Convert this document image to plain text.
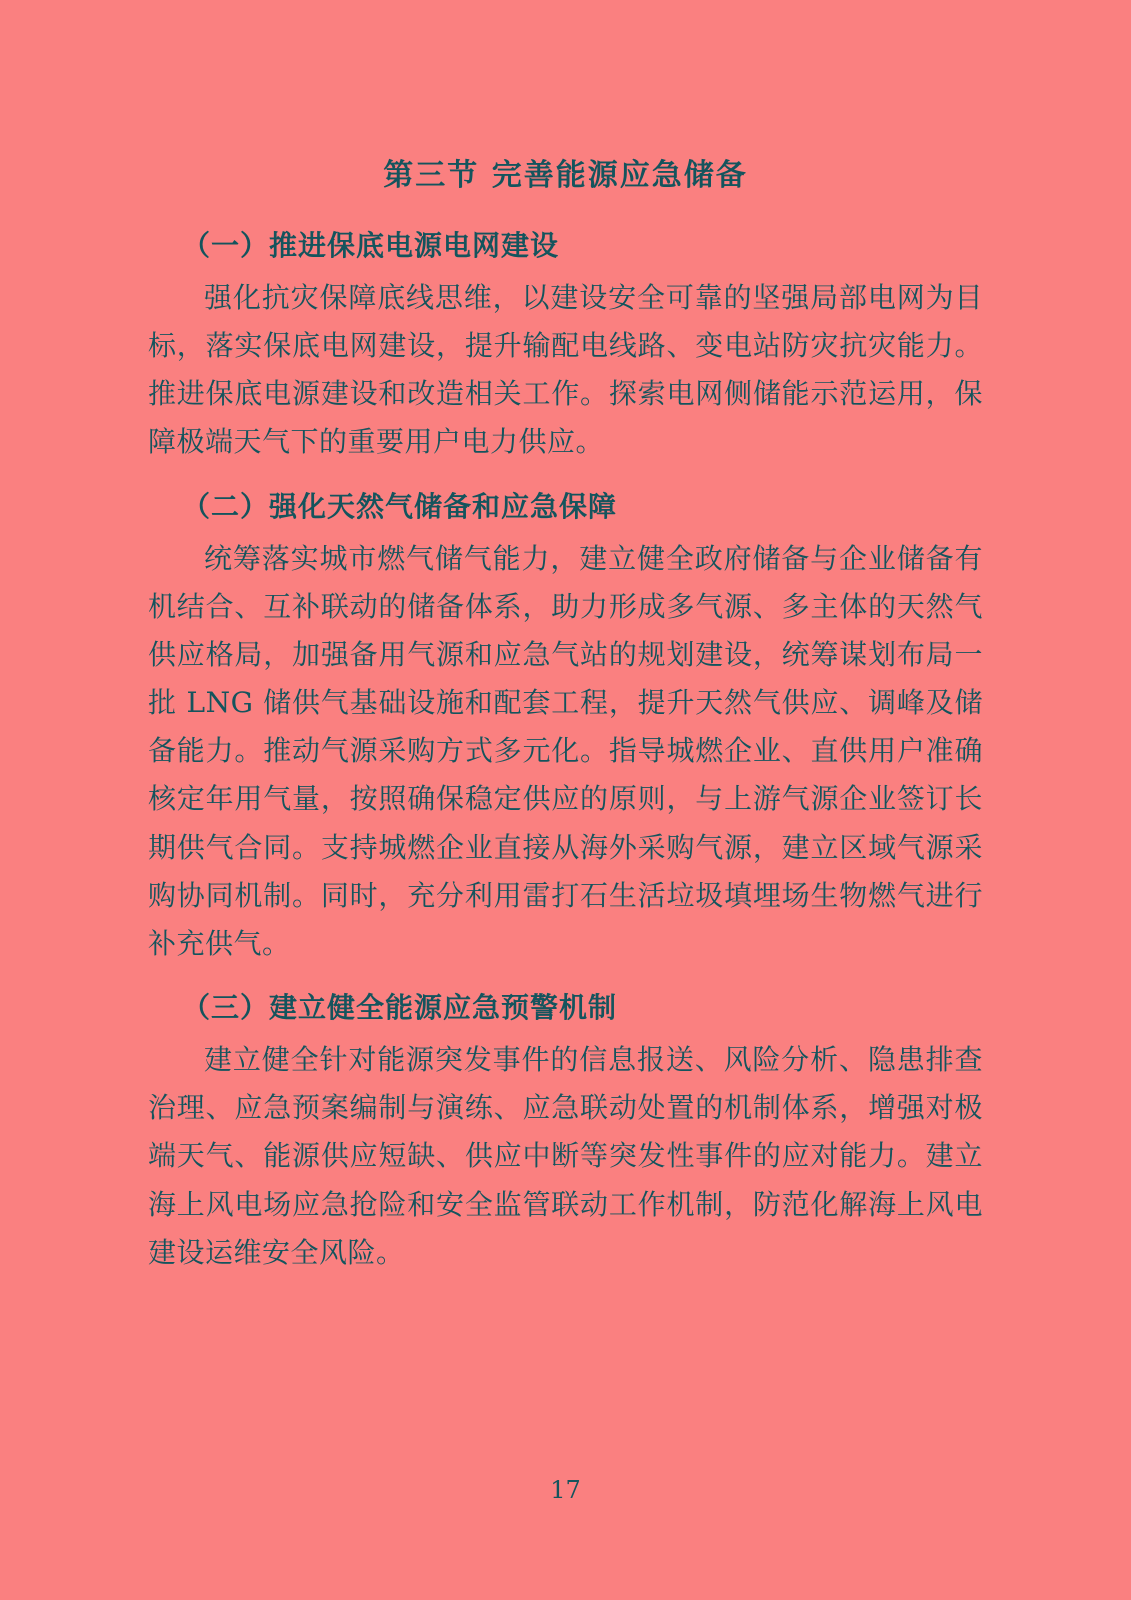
第三节 完善能源应急储备
（一）推进保底电源电网建设

强化抗灾保障底线思维，以建设安全可靠的坚强局部电网为目标，落实保底电网建设，提升输配电线路、变电站防灾抗灾能力。推进保底电源建设和改造相关工作。探索电网侧储能示范运用，保障极端天气下的重要用户电力供应。

（二）强化天然气储备和应急保障

统筹落实城市燃气储气能力，建立健全政府储备与企业储备有机结合、互补联动的储备体系，助力形成多气源、多主体的天然气供应格局，加强备用气源和应急气站的规划建设，统筹谋划布局一批 LNG 储供气基础设施和配套工程，提升天然气供应、调峰及储备能力。推动气源采购方式多元化。指导城燃企业、直供用户准确核定年用气量，按照确保稳定供应的原则，与上游气源企业签订长期供气合同。支持城燃企业直接从海外采购气源，建立区域气源采购协同机制。同时，充分利用雷打石生活垃圾填埋场生物燃气进行补充供气。

（三）建立健全能源应急预警机制

建立健全针对能源突发事件的信息报送、风险分析、隐患排查治理、应急预案编制与演练、应急联动处置的机制体系，增强对极端天气、能源供应短缺、供应中断等突发性事件的应对能力。建立海上风电场应急抢险和安全监管联动工作机制，防范化解海上风电建设运维安全风险。

17
